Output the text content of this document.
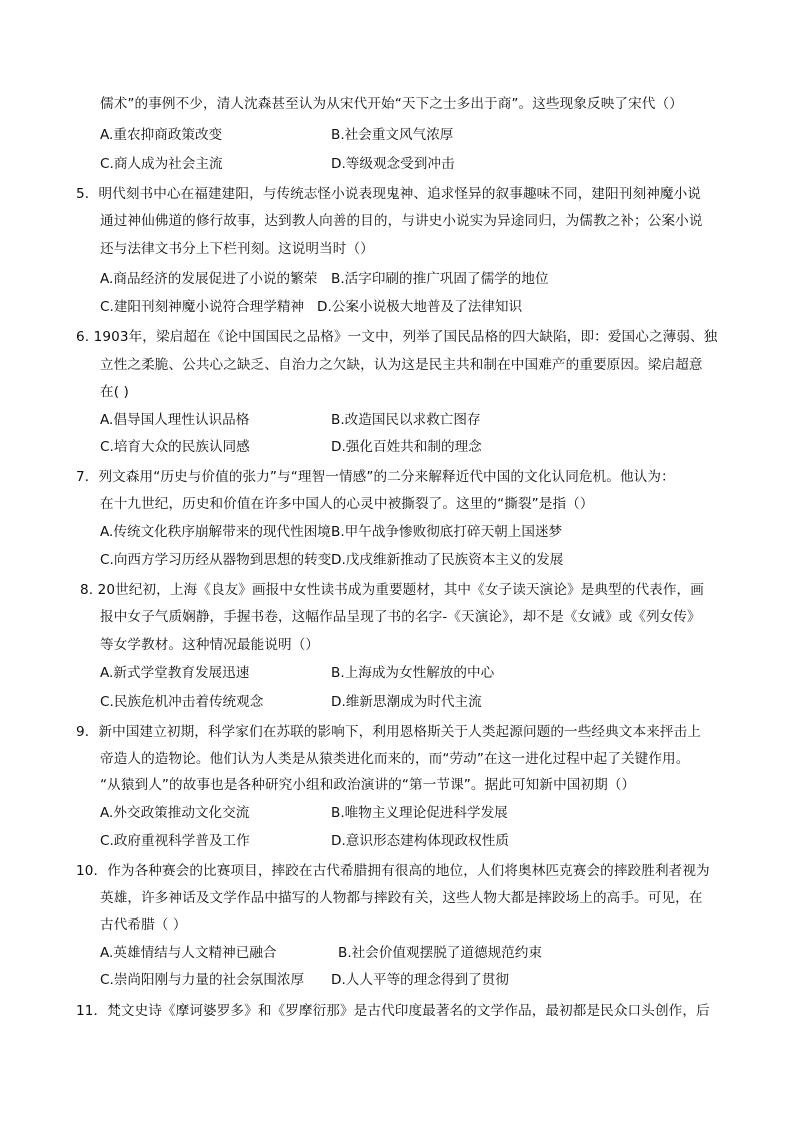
儒术”的事例不少，清人沈森甚至认为从宋代开始“天下之士多出于商”。这些现象反映了宋代（）
A.重农抑商政策改变	B.社会重文风气浓厚
C.商人成为社会主流	D.等级观念受到冲击
5．明代刻书中心在福建建阳，与传统志怪小说表现鬼神、追求怪异的叙事趣味不同，建阳刊刻神魔小说
通过神仙佛道的修行故事，达到教人向善的目的，与讲史小说实为异途同归，为儒教之补；公案小说
还与法律文书分上下栏刊刻。这说明当时（）
A.商品经济的发展促进了小说的繁荣 B.活字印刷的推广巩固了儒学的地位
C.建阳刊刻神魔小说符合理学精神 D.公案小说极大地普及了法律知识
6. 1903年，梁启超在《论中国国民之品格》一文中，列举了国民品格的四大缺陷，即：爱国心之薄弱、独
立性之柔脆、公共心之缺乏、自治力之欠缺，认为这是民主共和制在中国难产的重要原因。梁启超意
在( )
A.倡导国人理性认识品格	B.改造国民以求救亡图存
C.培育大众的民族认同感	D.强化百姓共和制的理念
7．列文森用“历史与价值的张力”与“理智一情感”的二分来解释近代中国的文化认同危机。他认为：
在十九世纪，历史和价值在许多中国人的心灵中被撕裂了。这里的“撕裂”是指（）
A.传统文化秩序崩解带来的现代性困境 B.甲午战争惨败彻底打碎天朝上国迷梦
C.向西方学习历经从器物到思想的转变 D.戊戌维新推动了民族资本主义的发展
8. 20世纪初，上海《良友》画报中女性读书成为重要题材，其中《女子读天演论》是典型的代表作，画
报中女子气质娴静，手握书卷，这幅作品呈现了书的名字-《天演论》，却不是《女诫》或《列女传》
等女学教材。这种情况最能说明（）
A.新式学堂教育发展迅速	B.上海成为女性解放的中心
C.民族危机冲击着传统观念	D.维新思潮成为时代主流
9．新中国建立初期，科学家们在苏联的影响下，利用恩格斯关于人类起源问题的一些经典文本来抨击上
帝造人的造物论。他们认为人类是从猿类进化而来的，而“劳动”在这一进化过程中起了关键作用。
“从猿到人”的故事也是各种研究小组和政治演讲的“第一节课”。据此可知新中国初期（）
A.外交政策推动文化交流	B.唯物主义理论促进科学发展
C.政府重视科学普及工作	D.意识形态建构体现政权性质
10．作为各种赛会的比赛项目，摔跤在古代希腊拥有很高的地位，人们将奥林匹克赛会的摔跤胜利者视为
英雄，许多神话及文学作品中描写的人物都与摔跤有关，这些人物大都是摔跤场上的高手。可见，在
古代希腊（ ）
A.英雄情结与人文精神已融合	B.社会价值观摆脱了道德规范约束
C.崇尚阳刚与力量的社会氛围浓厚 D.人人平等的理念得到了贯彻
11．梵文史诗《摩诃婆罗多》和《罗摩衍那》是古代印度最著名的文学作品，最初都是民众口头创作，后
